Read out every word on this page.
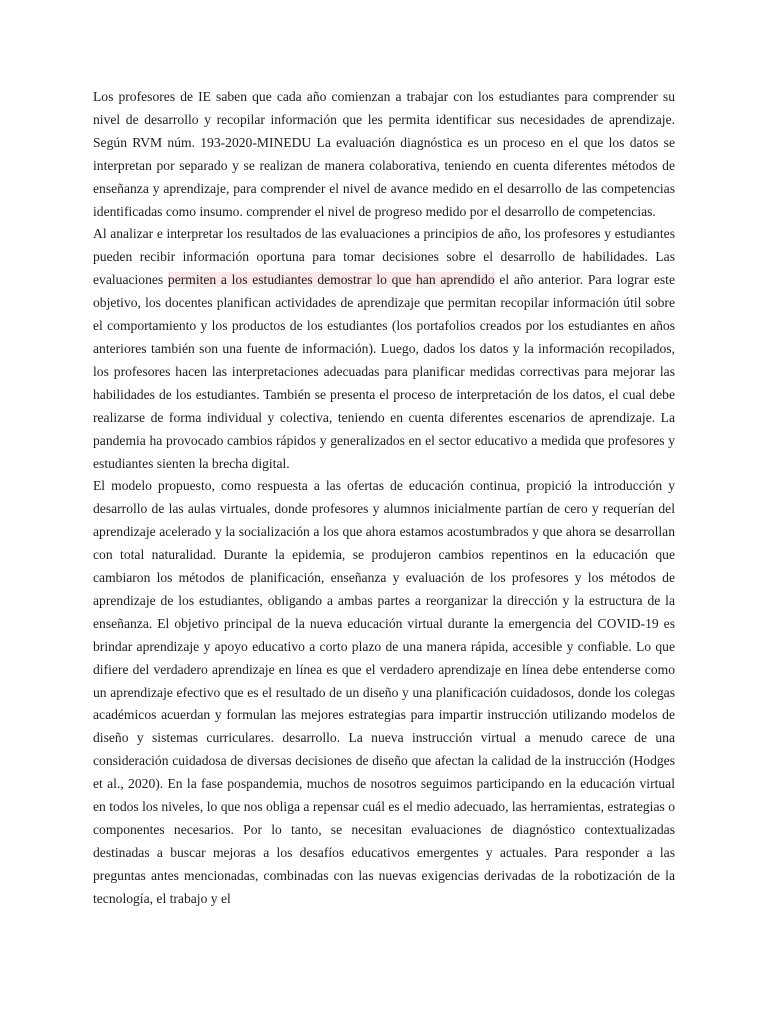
Los profesores de IE saben que cada año comienzan a trabajar con los estudiantes para comprender su nivel de desarrollo y recopilar información que les permita identificar sus necesidades de aprendizaje. Según RVM núm. 193-2020-MINEDU La evaluación diagnóstica es un proceso en el que los datos se interpretan por separado y se realizan de manera colaborativa, teniendo en cuenta diferentes métodos de enseñanza y aprendizaje, para comprender el nivel de avance medido en el desarrollo de las competencias identificadas como insumo. comprender el nivel de progreso medido por el desarrollo de competencias.

Al analizar e interpretar los resultados de las evaluaciones a principios de año, los profesores y estudiantes pueden recibir información oportuna para tomar decisiones sobre el desarrollo de habilidades. Las evaluaciones permiten a los estudiantes demostrar lo que han aprendido el año anterior. Para lograr este objetivo, los docentes planifican actividades de aprendizaje que permitan recopilar información útil sobre el comportamiento y los productos de los estudiantes (los portafolios creados por los estudiantes en años anteriores también son una fuente de información). Luego, dados los datos y la información recopilados, los profesores hacen las interpretaciones adecuadas para planificar medidas correctivas para mejorar las habilidades de los estudiantes. También se presenta el proceso de interpretación de los datos, el cual debe realizarse de forma individual y colectiva, teniendo en cuenta diferentes escenarios de aprendizaje. La pandemia ha provocado cambios rápidos y generalizados en el sector educativo a medida que profesores y estudiantes sienten la brecha digital.

El modelo propuesto, como respuesta a las ofertas de educación continua, propició la introducción y desarrollo de las aulas virtuales, donde profesores y alumnos inicialmente partían de cero y requerían del aprendizaje acelerado y la socialización a los que ahora estamos acostumbrados y que ahora se desarrollan con total naturalidad. Durante la epidemia, se produjeron cambios repentinos en la educación que cambiaron los métodos de planificación, enseñanza y evaluación de los profesores y los métodos de aprendizaje de los estudiantes, obligando a ambas partes a reorganizar la dirección y la estructura de la enseñanza. El objetivo principal de la nueva educación virtual durante la emergencia del COVID-19 es brindar aprendizaje y apoyo educativo a corto plazo de una manera rápida, accesible y confiable. Lo que difiere del verdadero aprendizaje en línea es que el verdadero aprendizaje en línea debe entenderse como un aprendizaje efectivo que es el resultado de un diseño y una planificación cuidadosos, donde los colegas académicos acuerdan y formulan las mejores estrategias para impartir instrucción utilizando modelos de diseño y sistemas curriculares. desarrollo. La nueva instrucción virtual a menudo carece de una consideración cuidadosa de diversas decisiones de diseño que afectan la calidad de la instrucción (Hodges et al., 2020). En la fase pospandemia, muchos de nosotros seguimos participando en la educación virtual en todos los niveles, lo que nos obliga a repensar cuál es el medio adecuado, las herramientas, estrategias o componentes necesarios. Por lo tanto, se necesitan evaluaciones de diagnóstico contextualizadas destinadas a buscar mejoras a los desafíos educativos emergentes y actuales. Para responder a las preguntas antes mencionadas, combinadas con las nuevas exigencias derivadas de la robotización de la tecnología, el trabajo y el
